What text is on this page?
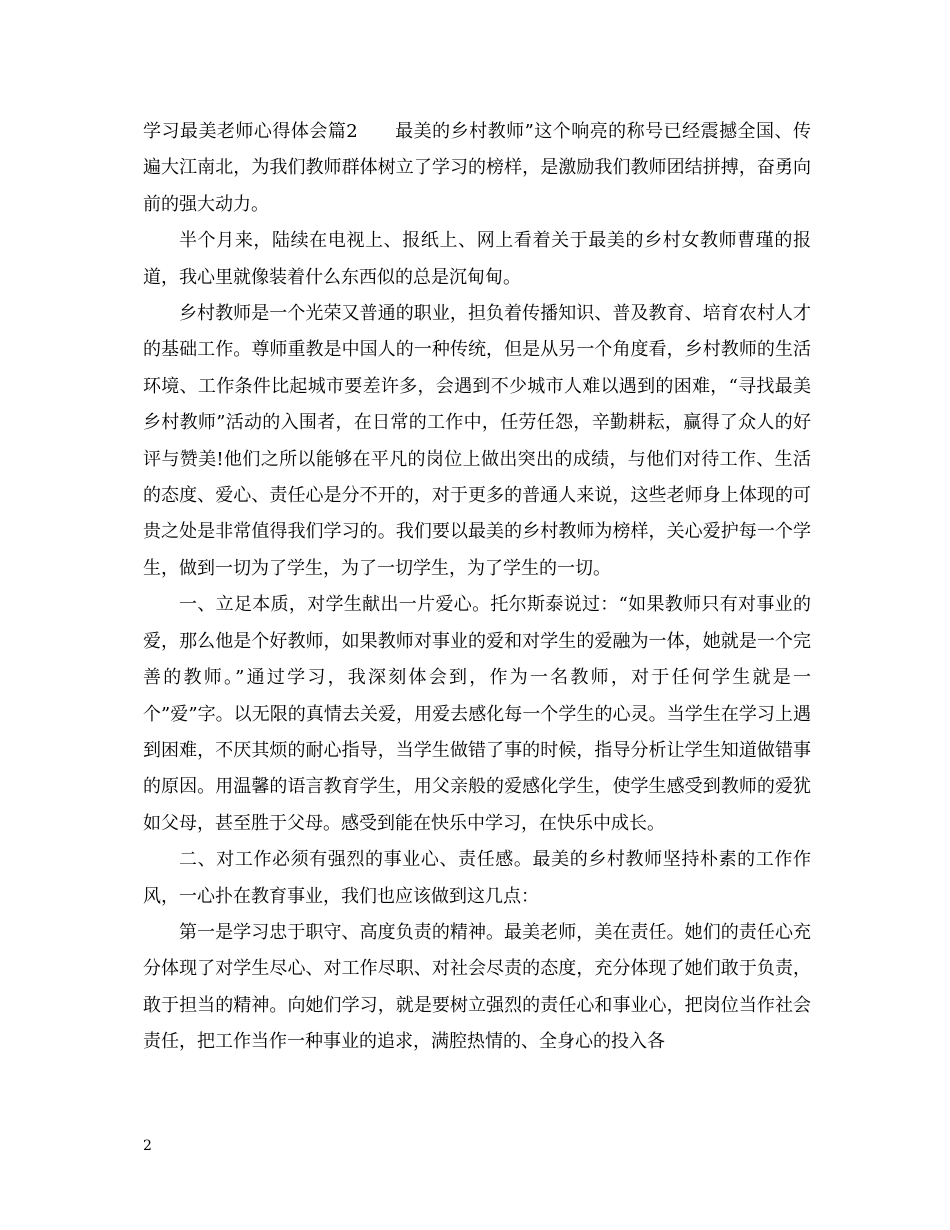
学习最美老师心得体会篇2　　最美的乡村教师”这个响亮的称号已经震撼全国、传遍大江南北，为我们教师群体树立了学习的榜样，是激励我们教师团结拼搏，奋勇向前的强大动力。

半个月来，陆续在电视上、报纸上、网上看着关于最美的乡村女教师曹瑾的报道，我心里就像装着什么东西似的总是沉甸甸。

乡村教师是一个光荣又普通的职业，担负着传播知识、普及教育、培育农村人才的基础工作。尊师重教是中国人的一种传统，但是从另一个角度看，乡村教师的生活环境、工作条件比起城市要差许多，会遇到不少城市人难以遇到的困难，“寻找最美乡村教师”活动的入围者，在日常的工作中，任劳任怨，辛勤耕耘，赢得了众人的好评与赞美!他们之所以能够在平凡的岗位上做出突出的成绩，与他们对待工作、生活的态度、爱心、责任心是分不开的，对于更多的普通人来说，这些老师身上体现的可贵之处是非常值得我们学习的。我们要以最美的乡村教师为榜样，关心爱护每一个学生，做到一切为了学生，为了一切学生，为了学生的一切。

一、立足本质，对学生献出一片爱心。托尔斯泰说过：“如果教师只有对事业的爱，那么他是个好教师，如果教师对事业的爱和对学生的爱融为一体，她就是一个完善的教师。”通过学习，我深刻体会到，作为一名教师，对于任何学生就是一个”爱”字。以无限的真情去关爱，用爱去感化每一个学生的心灵。当学生在学习上遇到困难，不厌其烦的耐心指导，当学生做错了事的时候，指导分析让学生知道做错事的原因。用温馨的语言教育学生，用父亲般的爱感化学生，使学生感受到教师的爱犹如父母，甚至胜于父母。感受到能在快乐中学习，在快乐中成长。

二、对工作必须有强烈的事业心、责任感。最美的乡村教师坚持朴素的工作作风，一心扑在教育事业，我们也应该做到这几点：

第一是学习忠于职守、高度负责的精神。最美老师，美在责任。她们的责任心充分体现了对学生尽心、对工作尽职、对社会尽责的态度，充分体现了她们敢于负责，敢于担当的精神。向她们学习，就是要树立强烈的责任心和事业心，把岗位当作社会责任，把工作当作一种事业的追求，满腔热情的、全身心的投入各

2
